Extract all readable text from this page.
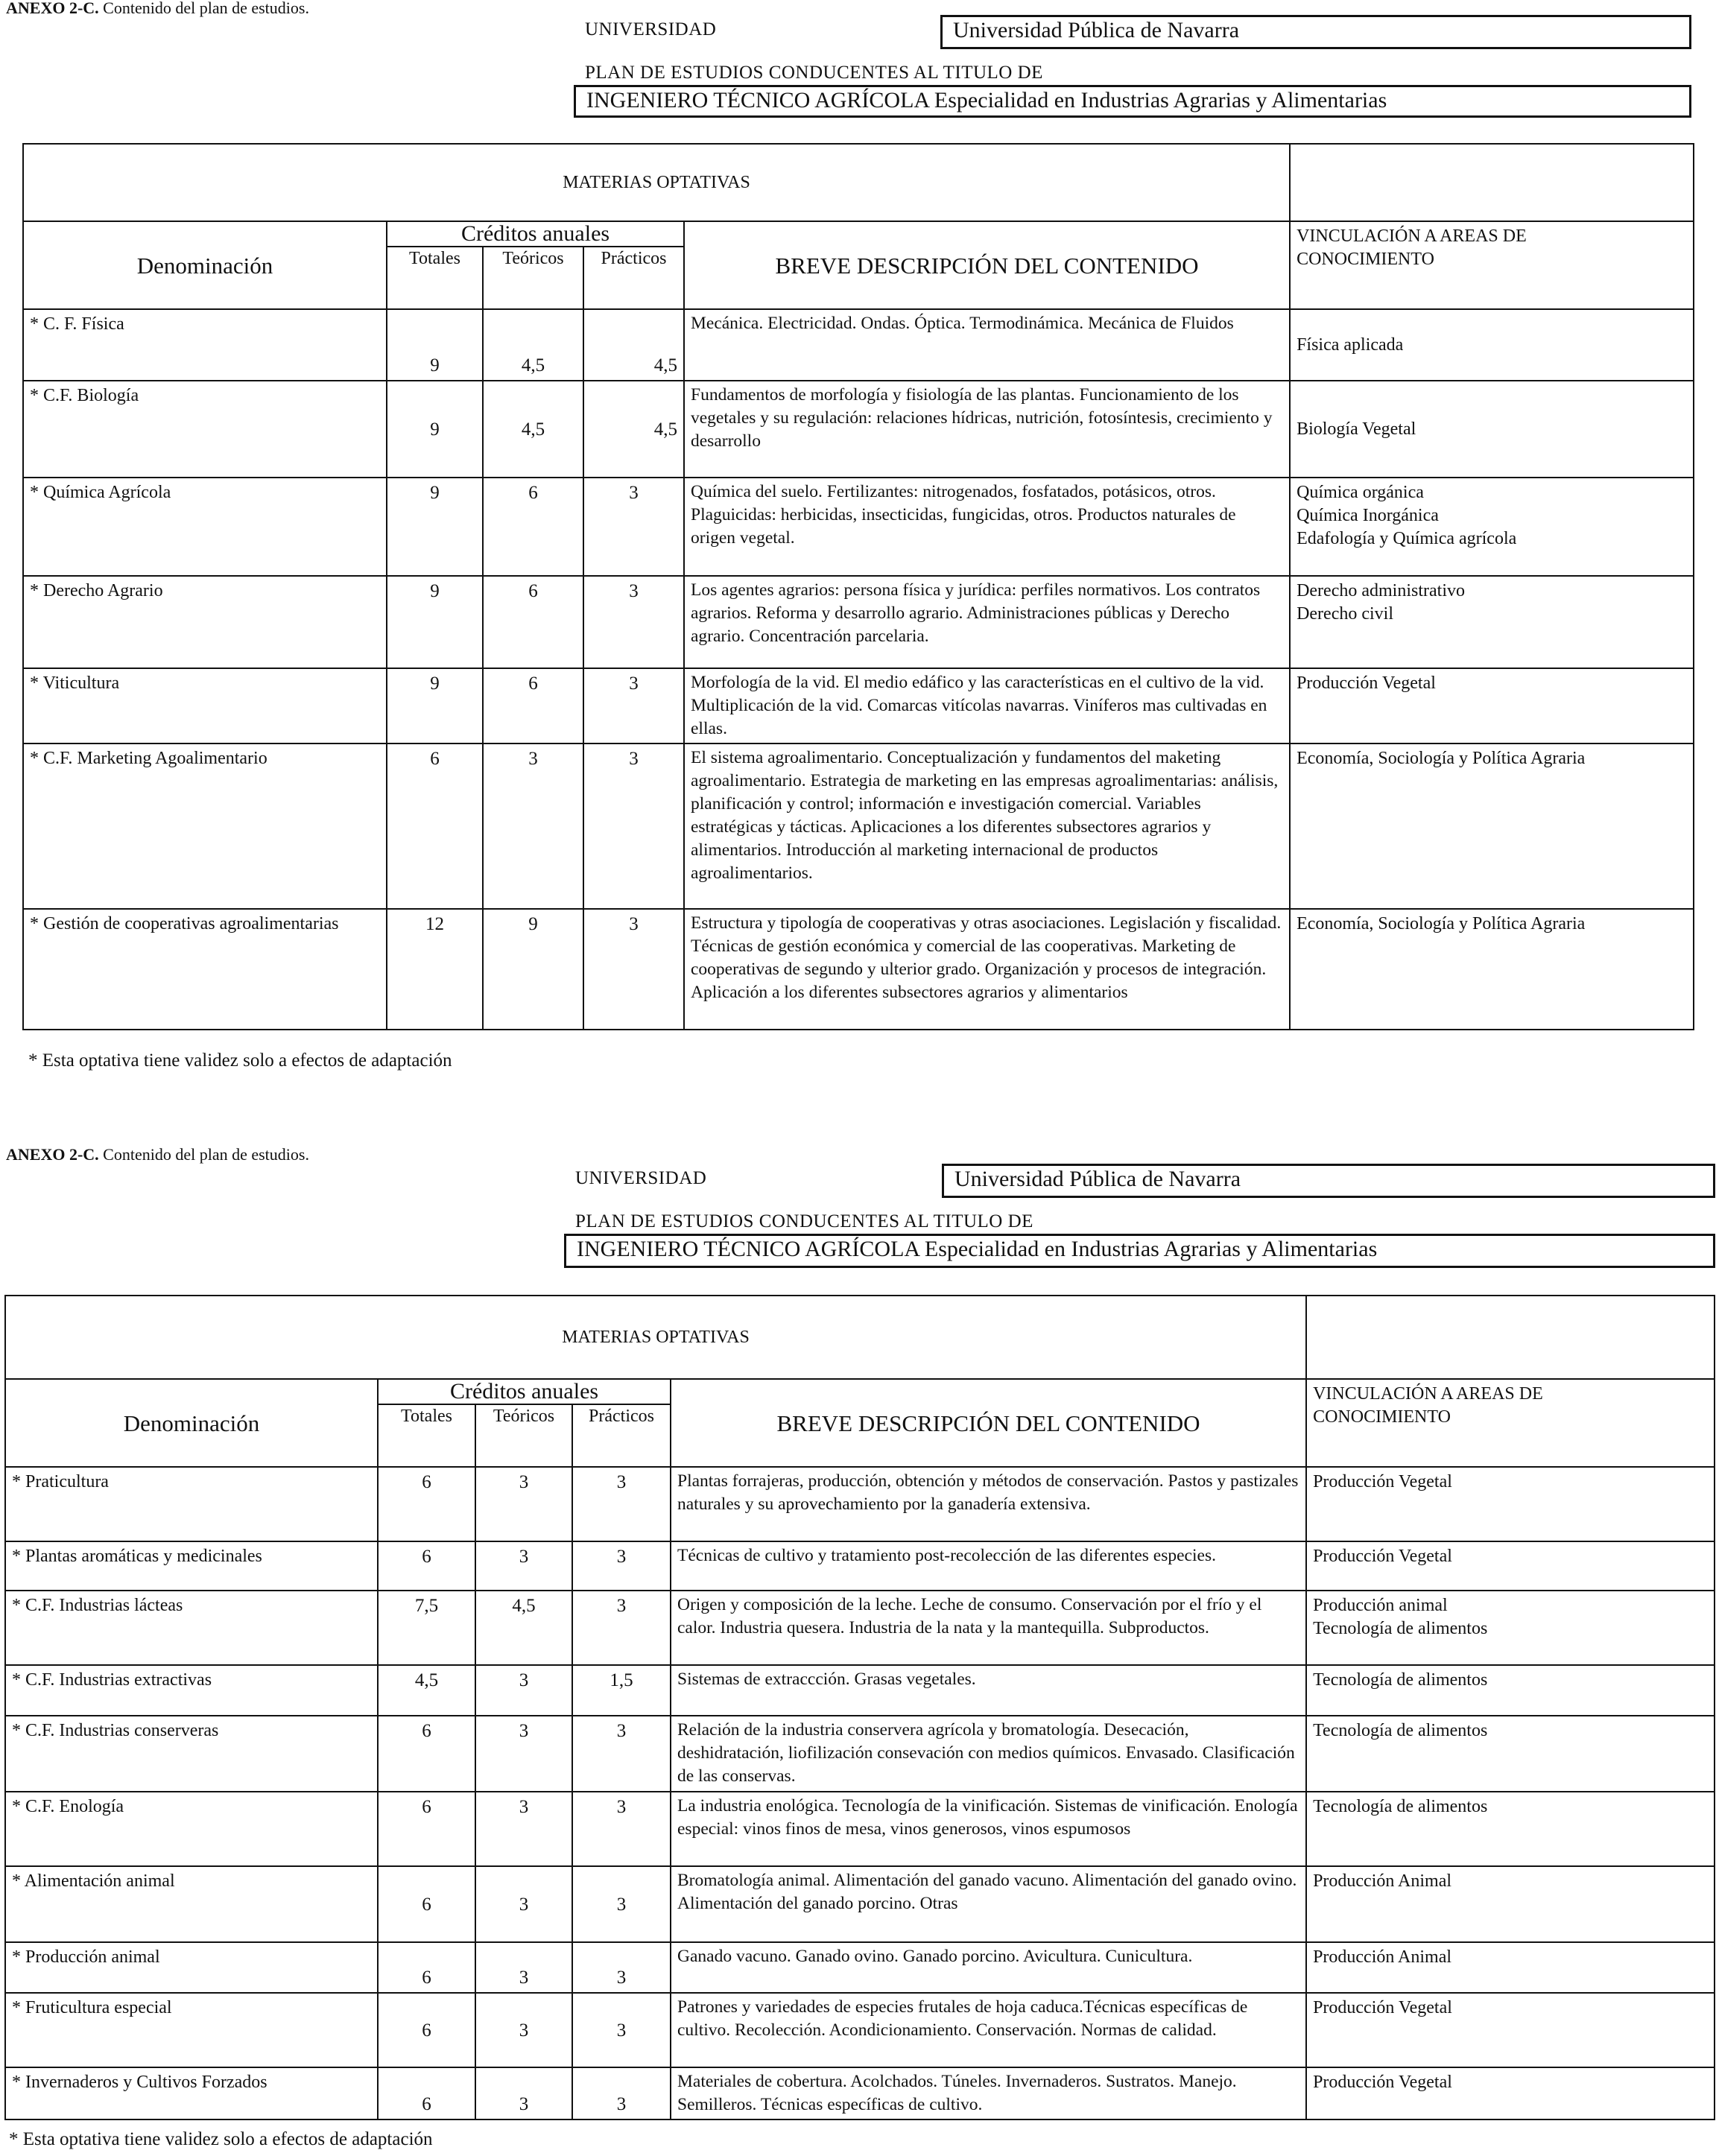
ANEXO 2-C. Contenido del plan de estudios.
UNIVERSIDAD	Universidad Pública de Navarra
PLAN DE ESTUDIOS CONDUCENTES AL TITULO DE
INGENIERO TÉCNICO AGRÍCOLA Especialidad en Industrias Agrarias y Alimentarias
MATERIAS OPTATIVAS					
Denominación	Créditos anuales			BREVE DESCRIPCIÓN DEL CONTENIDO	VINCULACIÓN A AREAS DE
CONOCIMIENTO

	Totales	Teóricos	Prácticos		
* C. F. Física	9	4,5	4,5	Mecánica. Electricidad. Ondas. Óptica. Termodinámica. Mecánica de Fluidos	Física aplicada
* C.F. Biología	9	4,5	4,5	Fundamentos de morfología y fisiología de las plantas. Funcionamiento de los vegetales y su regulación: relaciones hídricas, nutrición, fotosíntesis, crecimiento y desarrollo	Biología Vegetal
* Química Agrícola	9	6	3	Química del suelo. Fertilizantes: nitrogenados, fosfatados, potásicos, otros. Plaguicidas: herbicidas, insecticidas, fungicidas, otros. Productos naturales de origen vegetal.	Química orgánica
Química Inorgánica
Edafología y Química agrícola
* Derecho Agrario	9	6	3	Los agentes agrarios: persona física y jurídica: perfiles normativos. Los contratos agrarios. Reforma y desarrollo agrario. Administraciones públicas y Derecho agrario. Concentración parcelaria.	Derecho administrativo
Derecho civil
* Viticultura	9	6	3	Morfología de la vid. El medio edáfico y las características en el cultivo de la vid. Multiplicación de la vid. Comarcas vitícolas navarras. Viníferos mas cultivadas en ellas.	Producción Vegetal
* C.F. Marketing Agoalimentario	6	3	3	El sistema agroalimentario. Conceptualización y fundamentos del maketing agroalimentario. Estrategia de marketing en las empresas agroalimentarias: análisis, planificación y control; información e investigación comercial. Variables estratégicas y tácticas. Aplicaciones a los diferentes subsectores agrarios y alimentarios. Introducción al marketing internacional de productos agroalimentarios.	Economía, Sociología y Política Agraria
* Gestión de cooperativas agroalimentarias	12	9	3	Estructura y tipología de cooperativas y otras asociaciones. Legislación y fiscalidad. Técnicas de gestión económica y comercial de las cooperativas. Marketing de cooperativas de segundo y ulterior grado. Organización y procesos de integración. Aplicación a los diferentes subsectores agrarios y alimentarios	Economía, Sociología y Política Agraria
* Esta optativa tiene validez solo a efectos de adaptación
ANEXO 2-C. Contenido del plan de estudios.
UNIVERSIDAD	Universidad Pública de Navarra
PLAN DE ESTUDIOS CONDUCENTES AL TITULO DE
INGENIERO TÉCNICO AGRÍCOLA Especialidad en Industrias Agrarias y Alimentarias
MATERIAS OPTATIVAS					
Denominación	Créditos anuales			BREVE DESCRIPCIÓN DEL CONTENIDO	VINCULACIÓN A AREAS DE
CONOCIMIENTO

	Totales	Teóricos	Prácticos		
* Praticultura	6	3	3	Plantas forrajeras, producción, obtención y métodos de conservación. Pastos y pastizales naturales y su aprovechamiento por la ganadería extensiva.	Producción Vegetal
* Plantas aromáticas y medicinales	6	3	3	Técnicas de cultivo y tratamiento post-recolección de las diferentes especies.	Producción Vegetal
* C.F. Industrias lácteas	7,5	4,5	3	Origen y composición de la leche. Leche de consumo. Conservación por el frío y el calor. Industria quesera. Industria de la nata y la mantequilla. Subproductos.	Producción animal
Tecnología de alimentos
* C.F. Industrias extractivas	4,5	3	1,5	Sistemas de extraccción. Grasas vegetales.	Tecnología de alimentos
* C.F. Industrias conserveras	6	3	3	Relación de la industria conservera agrícola y bromatología. Desecación, deshidratación, liofilización consevación con medios químicos. Envasado. Clasificación de las conservas.	Tecnología de alimentos
* C.F. Enología	6	3	3	La industria enológica. Tecnología de la vinificación. Sistemas de vinificación. Enología especial: vinos finos de mesa, vinos generosos, vinos espumosos	Tecnología de alimentos
* Alimentación animal	6	3	3	Bromatología animal. Alimentación del ganado vacuno. Alimentación del ganado ovino. Alimentación del ganado porcino. Otras	Producción Animal
* Producción animal	6	3	3	Ganado vacuno. Ganado ovino. Ganado porcino. Avicultura. Cunicultura.	Producción Animal
* Fruticultura especial	6	3	3	Patrones y variedades de especies frutales de hoja caduca.Técnicas específicas de cultivo. Recolección. Acondicionamiento. Conservación. Normas de calidad.	Producción Vegetal
* Invernaderos y Cultivos Forzados	6	3	3	Materiales de cobertura. Acolchados. Túneles. Invernaderos. Sustratos. Manejo. Semilleros. Técnicas específicas de cultivo.	Producción Vegetal
* Esta optativa tiene validez solo a efectos de adaptación
